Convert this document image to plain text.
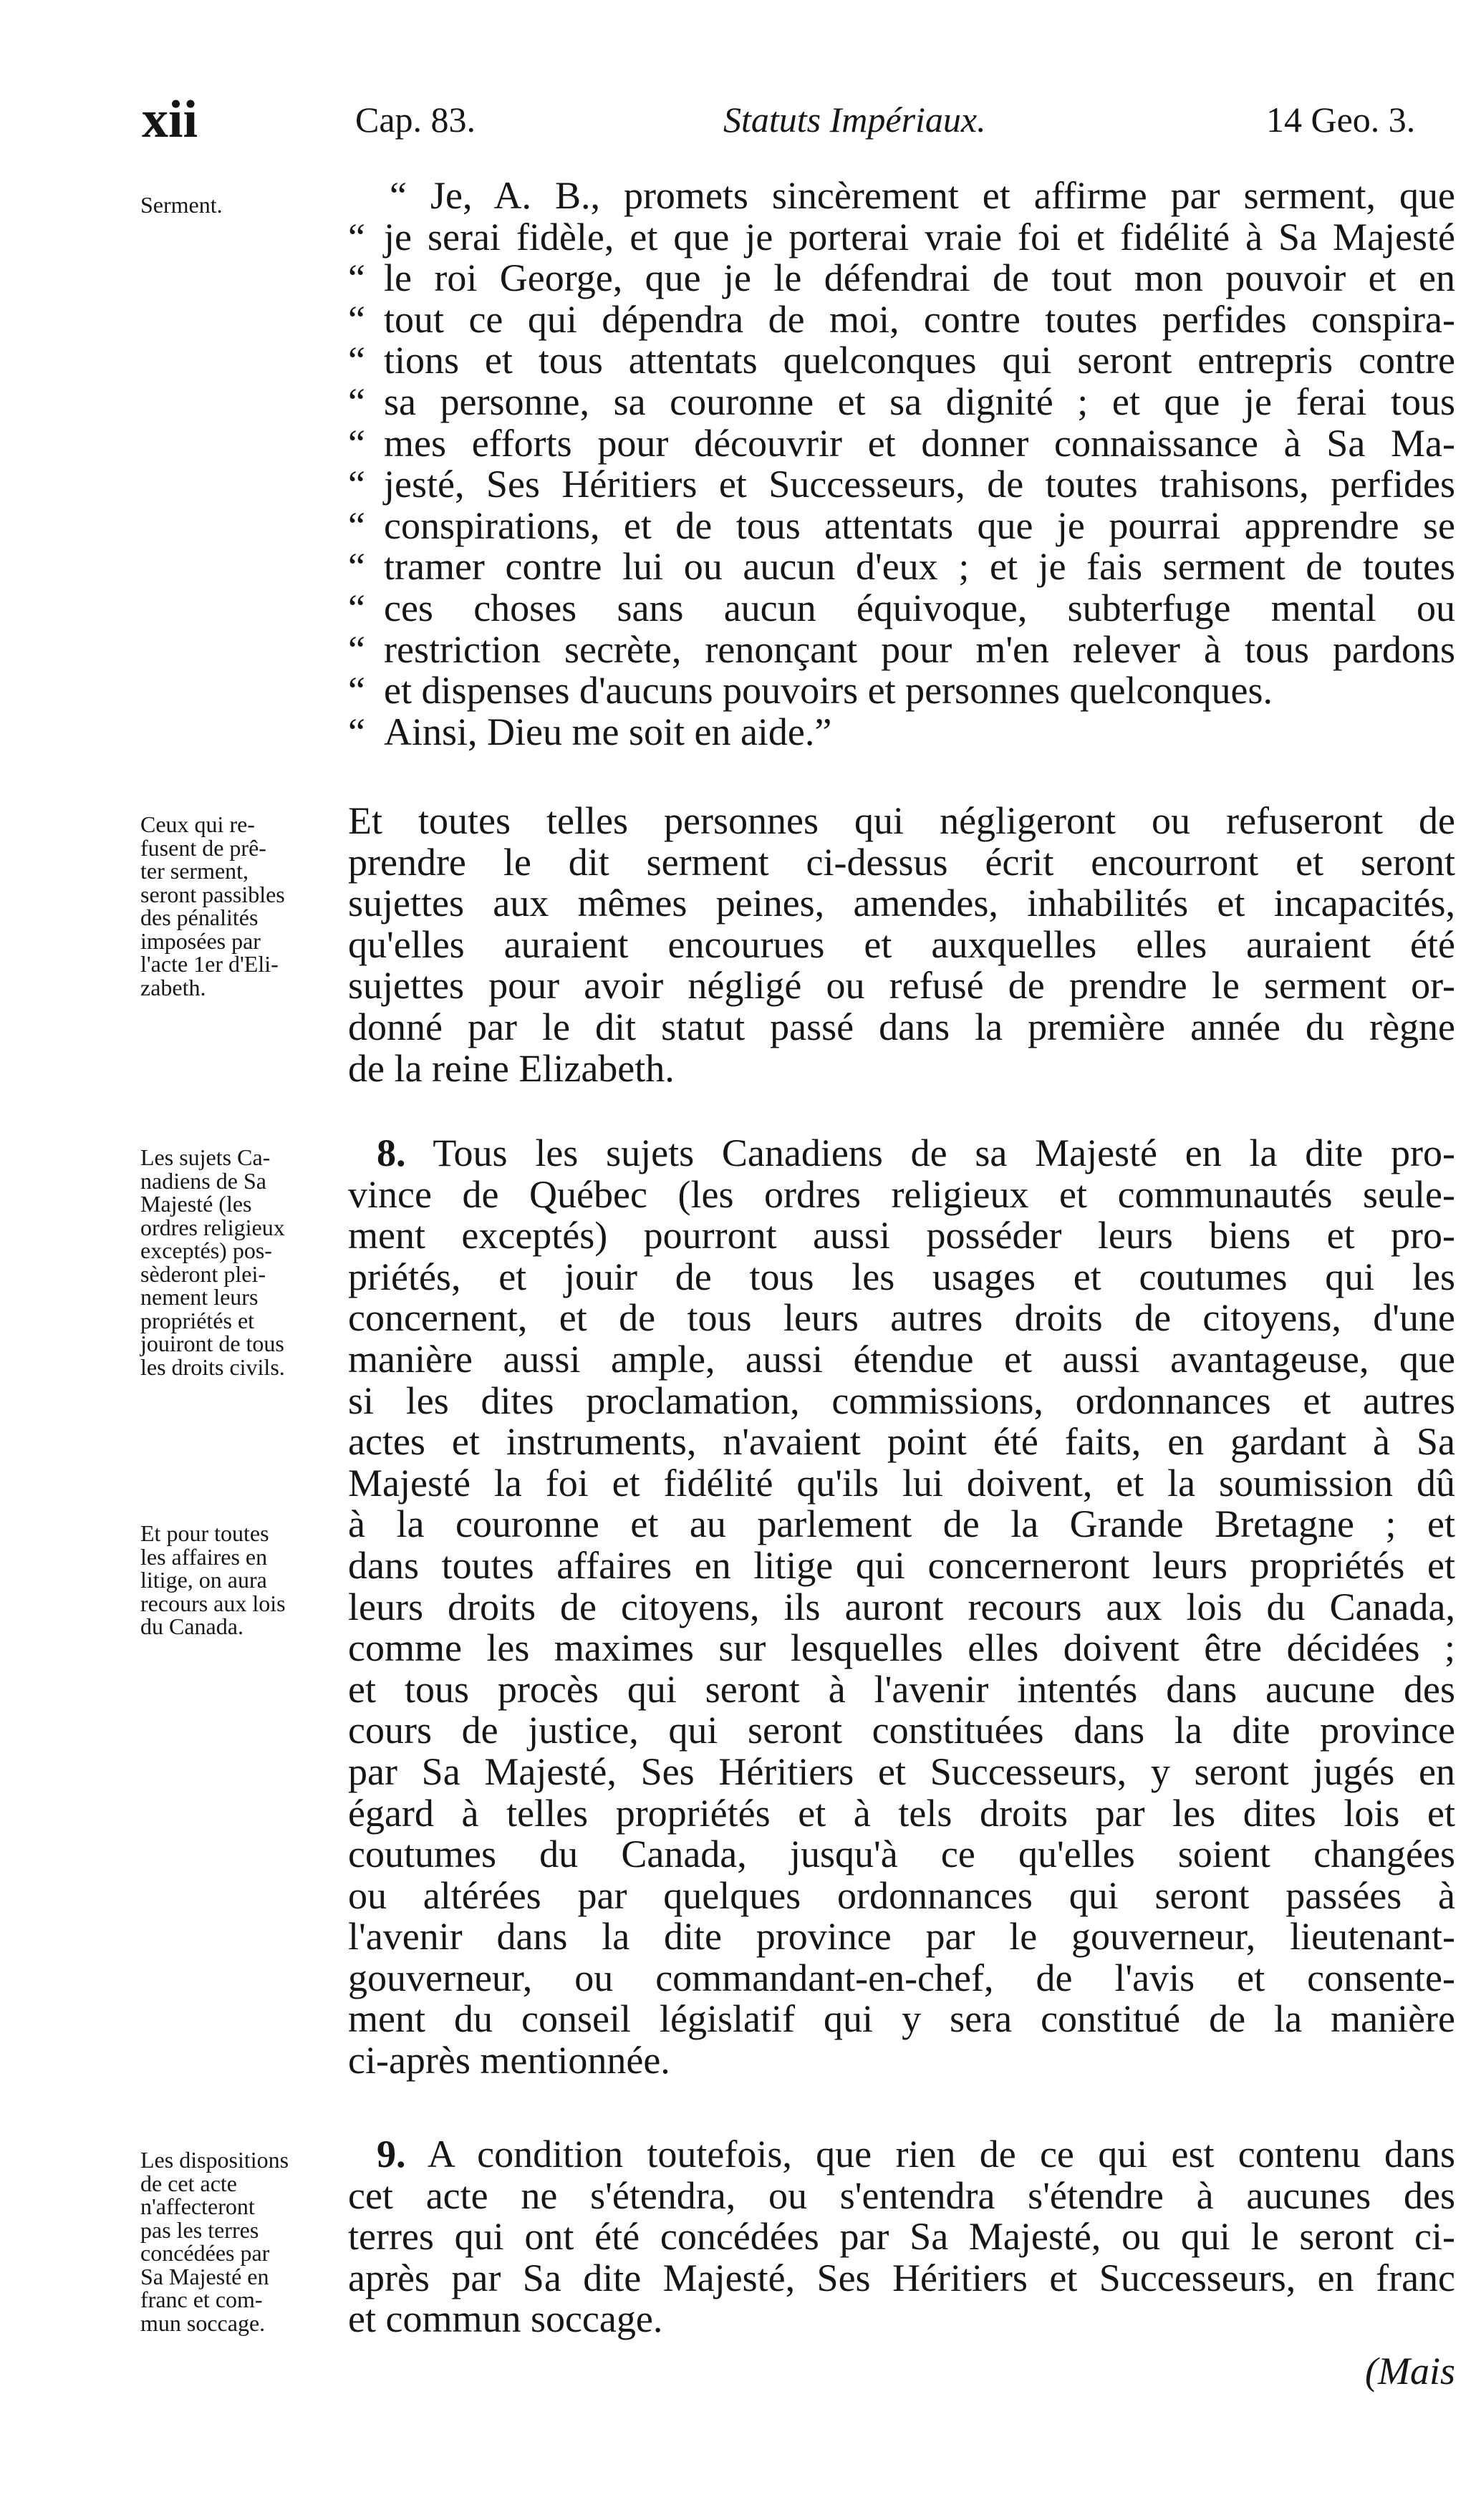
xii	Cap. 83.	Statuts Impériaux.	14 Geo. 3.
Serment.
Ceux qui re-
fusent de prê-
ter serment,
seront passibles
des pénalités
imposées par
l'acte 1er d'Eli-
zabeth.
Les sujets Ca-
nadiens de Sa
Majesté (les
ordres religieux
exceptés) pos-
sèderont plei-
nement leurs
propriétés et
jouiront de tous
les droits civils.
Et pour toutes
les affaires en
litige, on aura
recours aux lois
du Canada.
Les dispositions
de cet acte
n'affecteront
pas les terres
concédées par
Sa Majesté en
franc et com-
mun soccage.
“ Je, A. B., promets sincèrement et affirme par serment, que
“ je serai fidèle, et que je porterai vraie foi et fidélité à Sa Majesté
“ le roi George, que je le défendrai de tout mon pouvoir et en
“ tout ce qui dépendra de moi, contre toutes perfides conspira-
“ tions et tous attentats quelconques qui seront entrepris contre
“ sa personne, sa couronne et sa dignité ; et que je ferai tous
“ mes efforts pour découvrir et donner connaissance à Sa Ma-
“ jesté, Ses Héritiers et Successeurs, de toutes trahisons, perfides
“ conspirations, et de tous attentats que je pourrai apprendre se
“ tramer contre lui ou aucun d'eux ; et je fais serment de toutes
“ ces choses sans aucun équivoque, subterfuge mental ou
“ restriction secrète, renonçant pour m'en relever à tous pardons
“ et dispenses d'aucuns pouvoirs et personnes quelconques.
“ Ainsi, Dieu me soit en aide.”
Et toutes telles personnes qui négligeront ou refuseront de
prendre le dit serment ci-dessus écrit encourront et seront
sujettes aux mêmes peines, amendes, inhabilités et incapacités,
qu'elles auraient encourues et auxquelles elles auraient été
sujettes pour avoir négligé ou refusé de prendre le serment or-
donné par le dit statut passé dans la première année du règne
de la reine Elizabeth.
8. Tous les sujets Canadiens de sa Majesté en la dite pro-
vince de Québec (les ordres religieux et communautés seule-
ment exceptés) pourront aussi posséder leurs biens et pro-
priétés, et jouir de tous les usages et coutumes qui les
concernent, et de tous leurs autres droits de citoyens, d'une
manière aussi ample, aussi étendue et aussi avantageuse, que
si les dites proclamation, commissions, ordonnances et autres
actes et instruments, n'avaient point été faits, en gardant à Sa
Majesté la foi et fidélité qu'ils lui doivent, et la soumission dû
à la couronne et au parlement de la Grande Bretagne ; et
dans toutes affaires en litige qui concerneront leurs propriétés et
leurs droits de citoyens, ils auront recours aux lois du Canada,
comme les maximes sur lesquelles elles doivent être décidées ;
et tous procès qui seront à l'avenir intentés dans aucune des
cours de justice, qui seront constituées dans la dite province
par Sa Majesté, Ses Héritiers et Successeurs, y seront jugés en
égard à telles propriétés et à tels droits par les dites lois et
coutumes du Canada, jusqu'à ce qu'elles soient changées
ou altérées par quelques ordonnances qui seront passées à
l'avenir dans la dite province par le gouverneur, lieutenant-
gouverneur, ou commandant-en-chef, de l'avis et consente-
ment du conseil législatif qui y sera constitué de la manière
ci-après mentionnée.
9. A condition toutefois, que rien de ce qui est contenu dans
cet acte ne s'étendra, ou s'entendra s'étendre à aucunes des
terres qui ont été concédées par Sa Majesté, ou qui le seront ci-
après par Sa dite Majesté, Ses Héritiers et Successeurs, en franc
et commun soccage.
(Mais
